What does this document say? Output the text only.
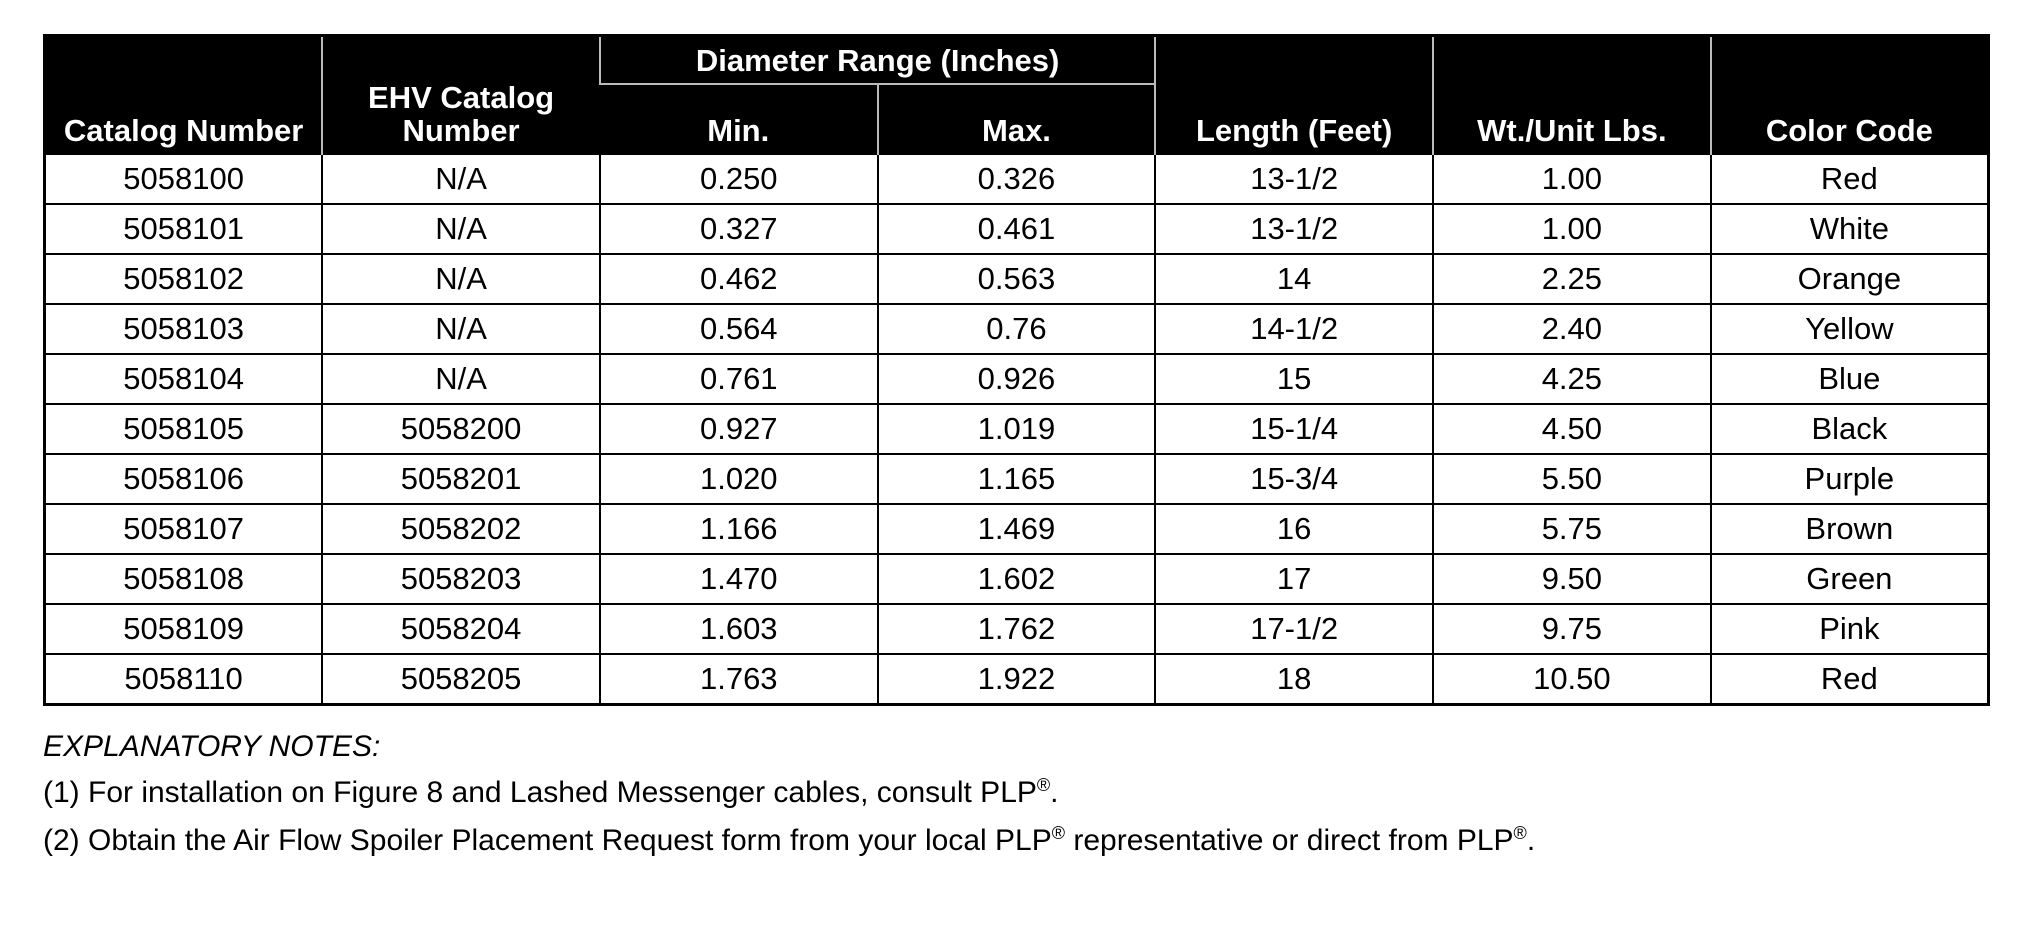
Catalog Number	EHV Catalog Number	Diameter Range (Inches)		Length (Feet)	Wt./Unit Lbs.	Color Code
		Min.	Max.			
5058100	N/A	0.250	0.326	13-1/2	1.00	Red
5058101	N/A	0.327	0.461	13-1/2	1.00	White
5058102	N/A	0.462	0.563	14	2.25	Orange
5058103	N/A	0.564	0.76	14-1/2	2.40	Yellow
5058104	N/A	0.761	0.926	15	4.25	Blue
5058105	5058200	0.927	1.019	15-1/4	4.50	Black
5058106	5058201	1.020	1.165	15-3/4	5.50	Purple
5058107	5058202	1.166	1.469	16	5.75	Brown
5058108	5058203	1.470	1.602	17	9.50	Green
5058109	5058204	1.603	1.762	17-1/2	9.75	Pink
5058110	5058205	1.763	1.922	18	10.50	Red
EXPLANATORY NOTES:
(1) For installation on Figure 8 and Lashed Messenger cables, consult PLP®.
(2) Obtain the Air Flow Spoiler Placement Request form from your local PLP® representative or direct from PLP®.
